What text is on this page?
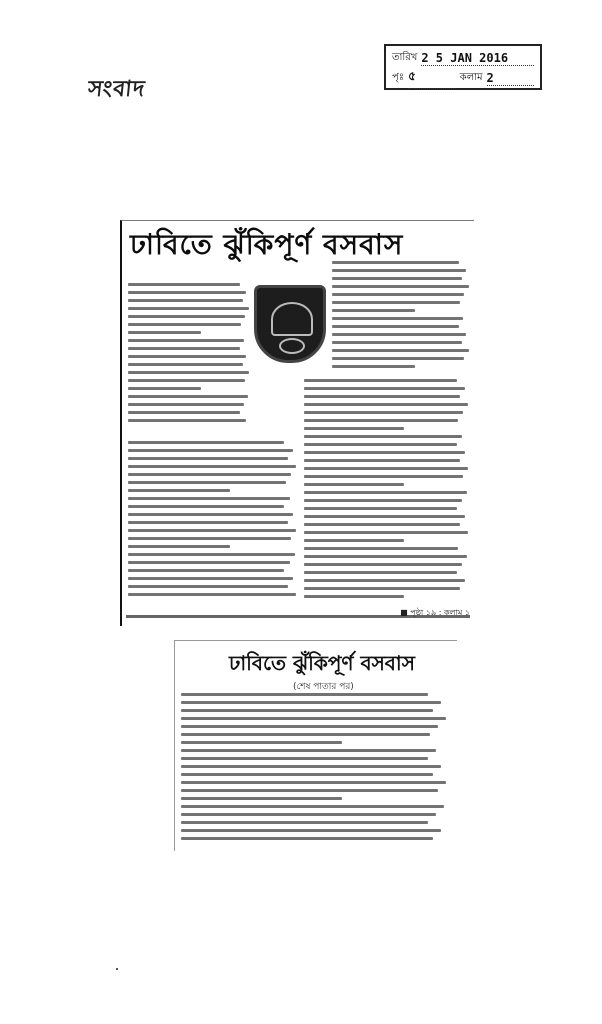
সংবাদ
তারিখ 2 5 JAN 2016
পৃঃ ৫	কলাম 2
ঢাবিতে ঝুঁকিপূর্ণ বসবাস
■ পৃষ্ঠা ১৯ : কলাম ১
ঢাবিতে ঝুঁকিপূর্ণ বসবাস
(শেষ পাতার পর)
